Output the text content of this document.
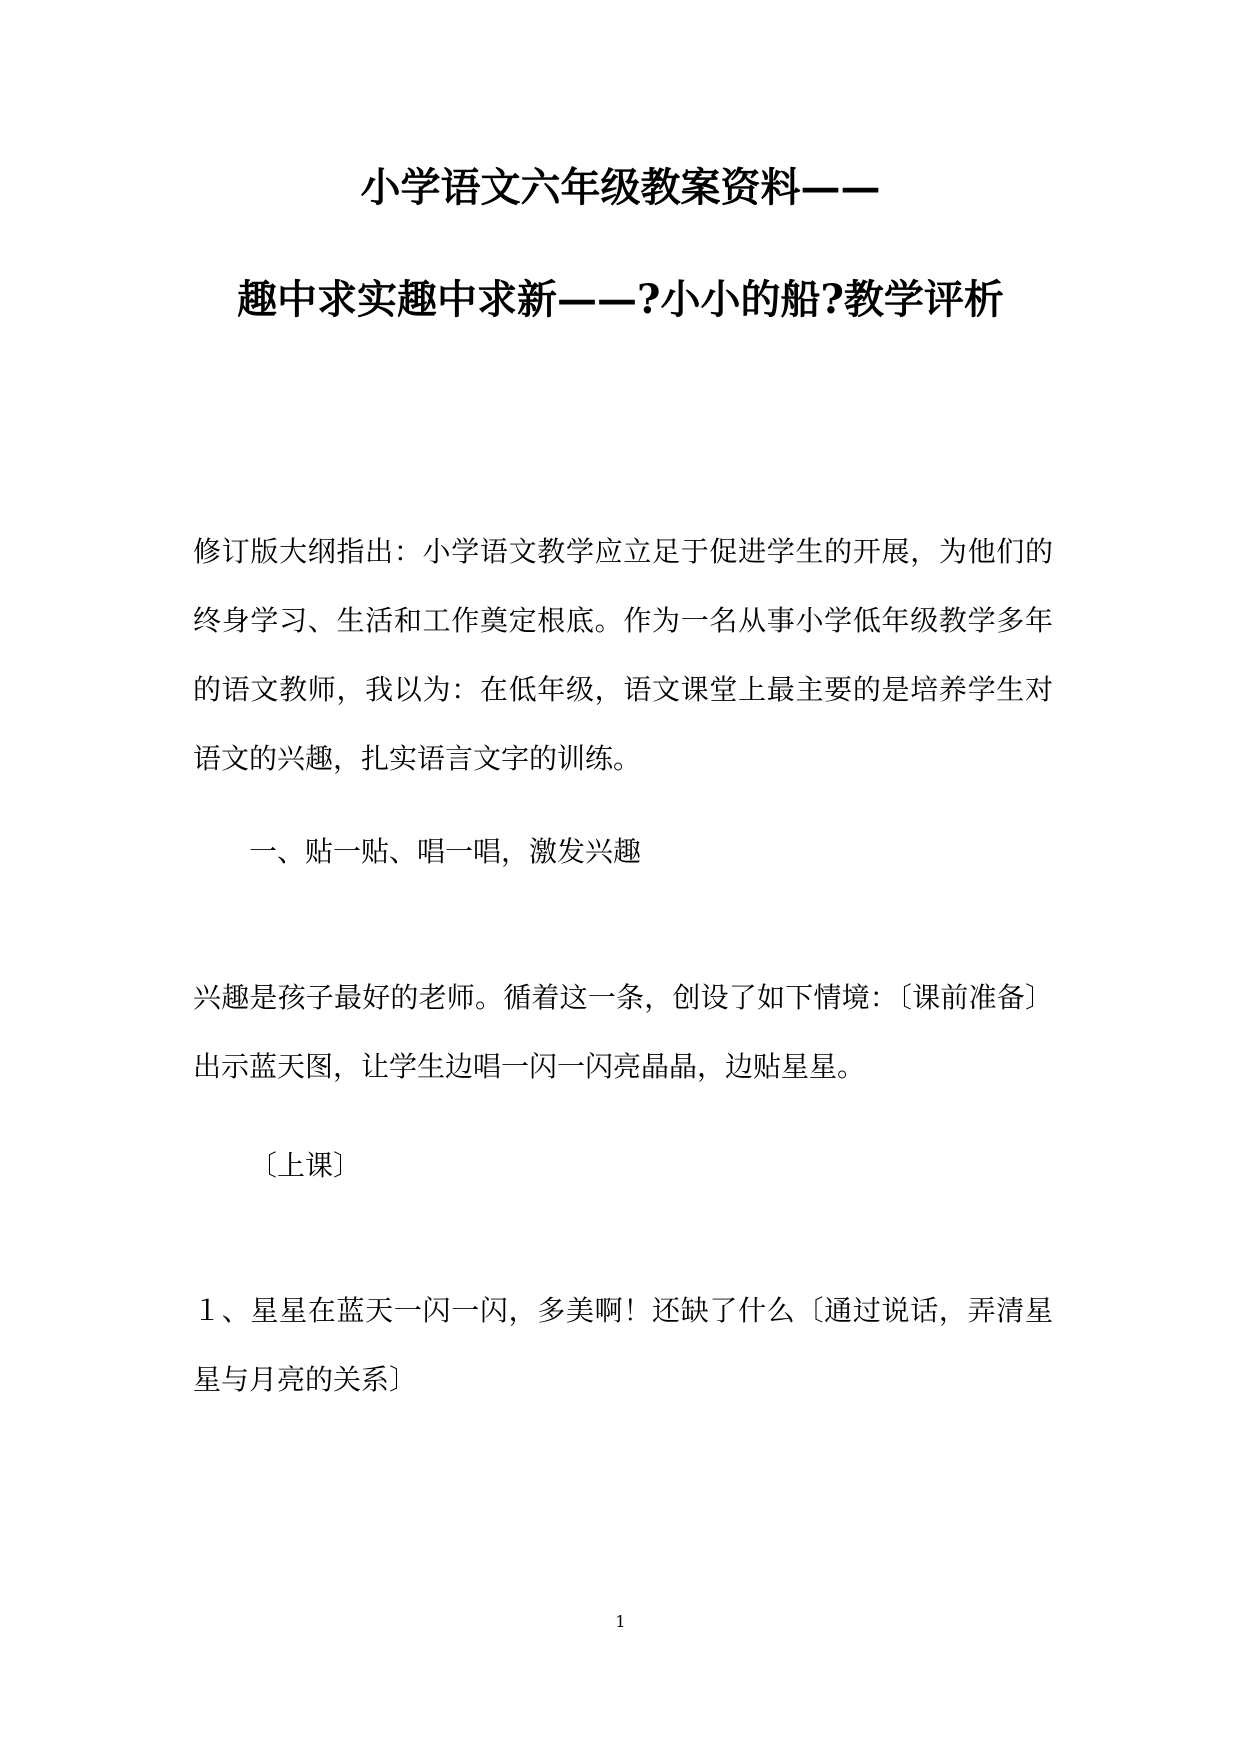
小学语文六年级教案资料——
趣中求实趣中求新——?小小的船?教学评析
修订版大纲指出：小学语文教学应立足于促进学生的开展，为他们的终身学习、生活和工作奠定根底。作为一名从事小学低年级教学多年的语文教师，我以为：在低年级，语文课堂上最主要的是培养学生对语文的兴趣，扎实语言文字的训练。
一、贴一贴、唱一唱，激发兴趣
兴趣是孩子最好的老师。循着这一条，创设了如下情境：〔课前准备〕出示蓝天图，让学生边唱一闪一闪亮晶晶，边贴星星。
〔上课〕
１、星星在蓝天一闪一闪，多美啊！还缺了什么〔通过说话，弄清星星与月亮的关系〕
1
